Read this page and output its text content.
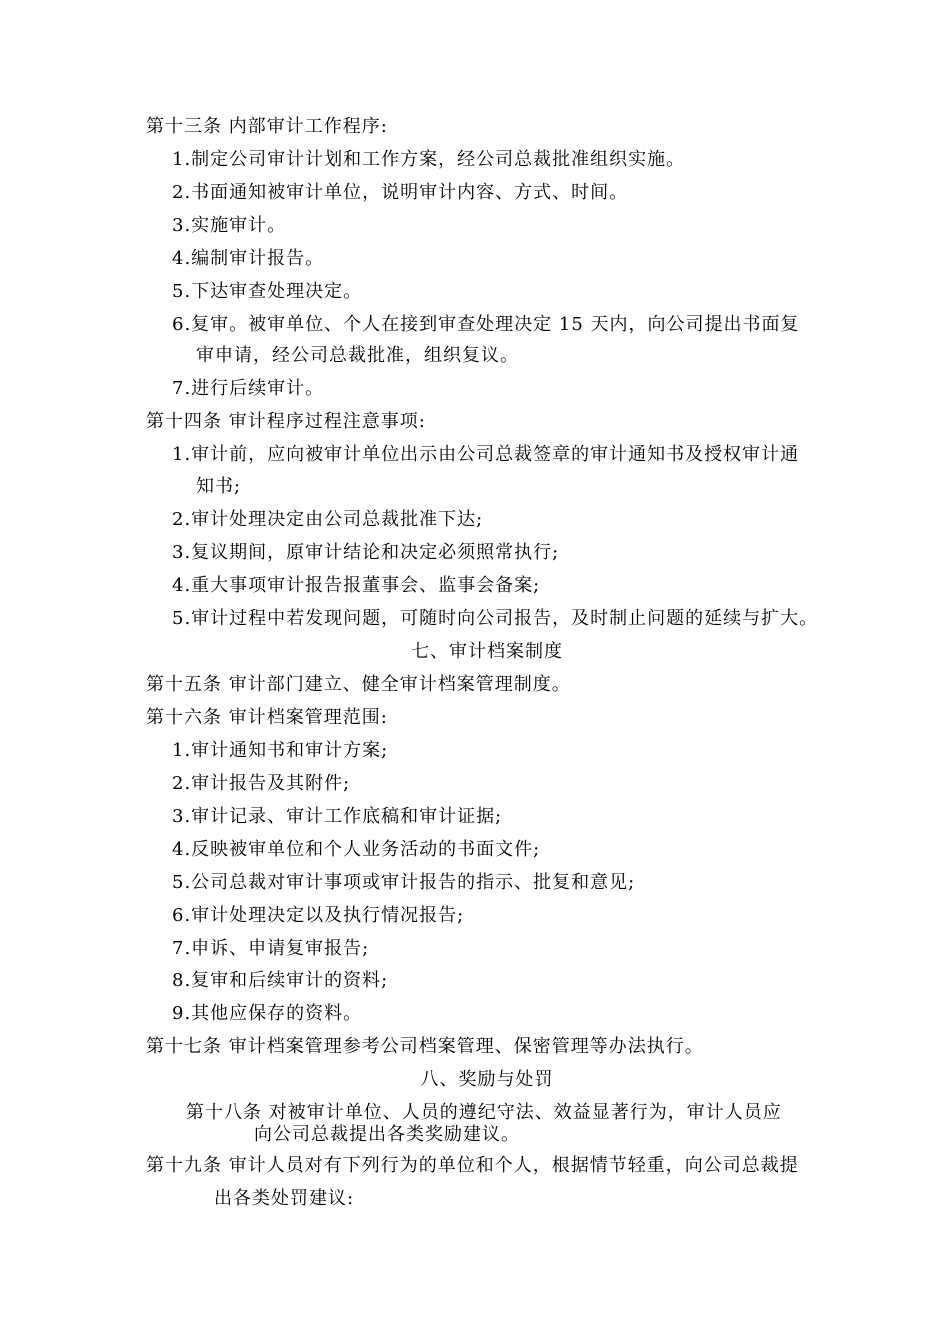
第十三条 内部审计工作程序:
1.制定公司审计计划和工作方案，经公司总裁批准组织实施。
2.书面通知被审计单位，说明审计内容、方式、时间。
3.实施审计。
4.编制审计报告。
5.下达审查处理决定。
6.复审。被审单位、个人在接到审查处理决定 15 天内，向公司提出书面复
审申请，经公司总裁批准，组织复议。
7.进行后续审计。
第十四条 审计程序过程注意事项:
1.审计前，应向被审计单位出示由公司总裁签章的审计通知书及授权审计通
知书;
2.审计处理决定由公司总裁批准下达;
3.复议期间，原审计结论和决定必须照常执行;
4.重大事项审计报告报董事会、监事会备案;
5.审计过程中若发现问题，可随时向公司报告，及时制止问题的延续与扩大。
七、审计档案制度
第十五条 审计部门建立、健全审计档案管理制度。
第十六条 审计档案管理范围:
1.审计通知书和审计方案;
2.审计报告及其附件;
3.审计记录、审计工作底稿和审计证据;
4.反映被审单位和个人业务活动的书面文件;
5.公司总裁对审计事项或审计报告的指示、批复和意见;
6.审计处理决定以及执行情况报告;
7.申诉、申请复审报告;
8.复审和后续审计的资料;
9.其他应保存的资料。
第十七条 审计档案管理参考公司档案管理、保密管理等办法执行。
八、奖励与处罚
第十八条 对被审计单位、人员的遵纪守法、效益显著行为，审计人员应
向公司总裁提出各类奖励建议。
第十九条 审计人员对有下列行为的单位和个人，根据情节轻重，向公司总裁提
出各类处罚建议:
